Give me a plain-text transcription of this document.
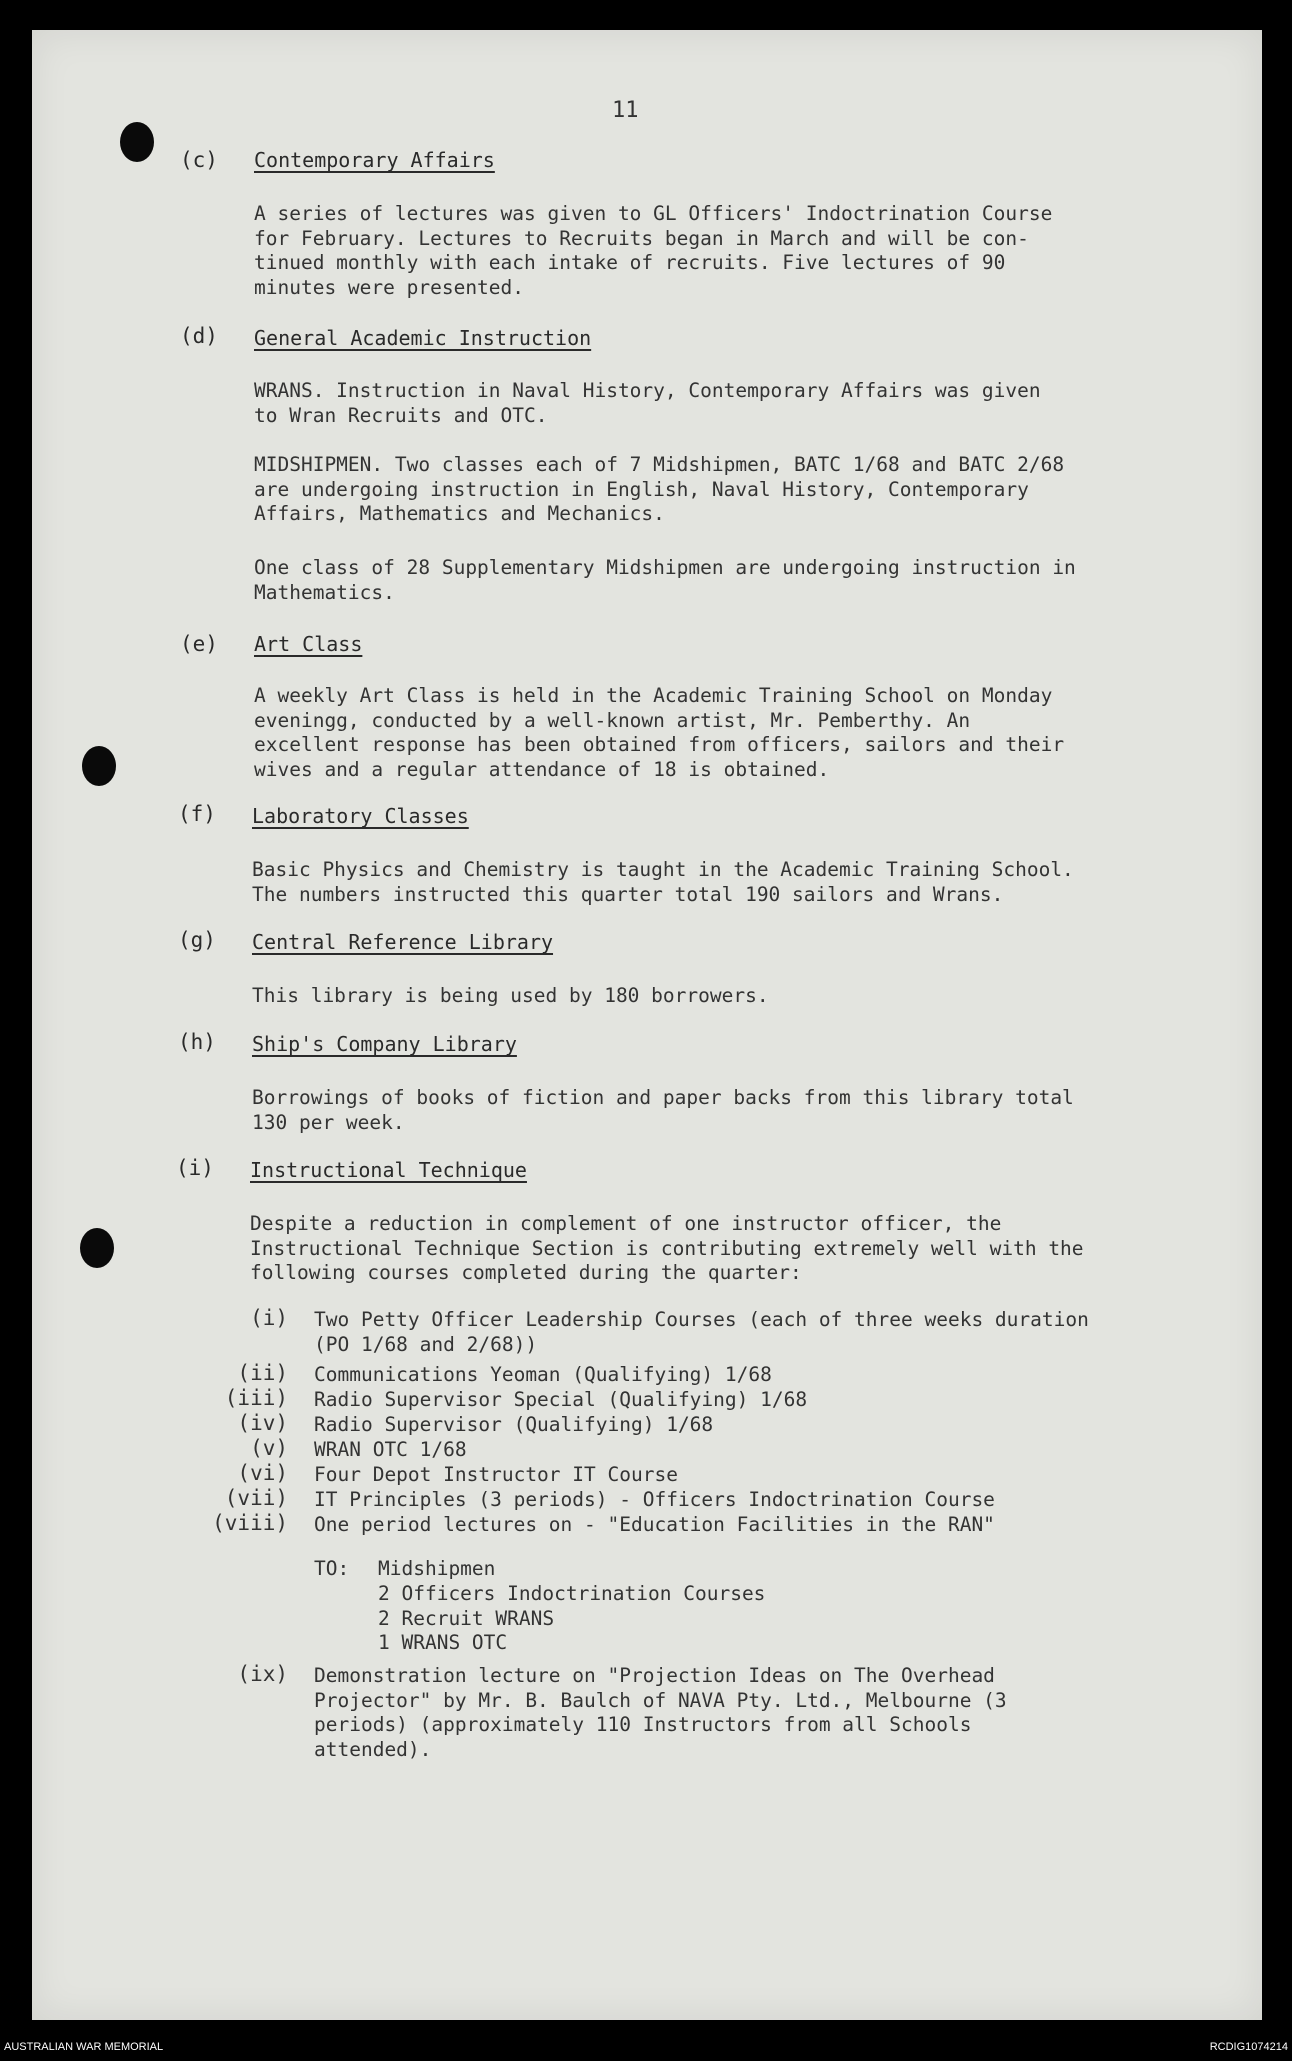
11
(c) Contemporary Affairs
A series of lectures was given to GL Officers' Indoctrination Course
for February. Lectures to Recruits began in March and will be con-
tinued monthly with each intake of recruits. Five lectures of 90
minutes were presented.
(d) General Academic Instruction
WRANS. Instruction in Naval History, Contemporary Affairs was given
to Wran Recruits and OTC.
MIDSHIPMEN. Two classes each of 7 Midshipmen, BATC 1/68 and BATC 2/68
are undergoing instruction in English, Naval History, Contemporary
Affairs, Mathematics and Mechanics.
One class of 28 Supplementary Midshipmen are undergoing instruction in
Mathematics.
(e) Art Class
A weekly Art Class is held in the Academic Training School on Monday
eveningg, conducted by a well-known artist, Mr. Pemberthy. An
excellent response has been obtained from officers, sailors and their
wives and a regular attendance of 18 is obtained.
(f) Laboratory Classes
Basic Physics and Chemistry is taught in the Academic Training School.
The numbers instructed this quarter total 190 sailors and Wrans.
(g) Central Reference Library
This library is being used by 180 borrowers.
(h) Ship's Company Library
Borrowings of books of fiction and paper backs from this library total
130 per week.
(i) Instructional Technique
Despite a reduction in complement of one instructor officer, the
Instructional Technique Section is contributing extremely well with the
following courses completed during the quarter:
(i) Two Petty Officer Leadership Courses (each of three weeks duration
(PO 1/68 and 2/68))
(ii) Communications Yeoman (Qualifying) 1/68
(iii) Radio Supervisor Special (Qualifying) 1/68
(iv) Radio Supervisor (Qualifying) 1/68
(v) WRAN OTC 1/68
(vi) Four Depot Instructor IT Course
(vii) IT Principles (3 periods) - Officers Indoctrination Course
(viii) One period lectures on - "Education Facilities in the RAN"
TO: Midshipmen
2 Officers Indoctrination Courses
2 Recruit WRANS
1 WRANS OTC
(ix) Demonstration lecture on "Projection Ideas on The Overhead
Projector" by Mr. B. Baulch of NAVA Pty. Ltd., Melbourne (3
periods) (approximately 110 Instructors from all Schools
attended).
AUSTRALIAN WAR MEMORIAL	RCDIG1074214
